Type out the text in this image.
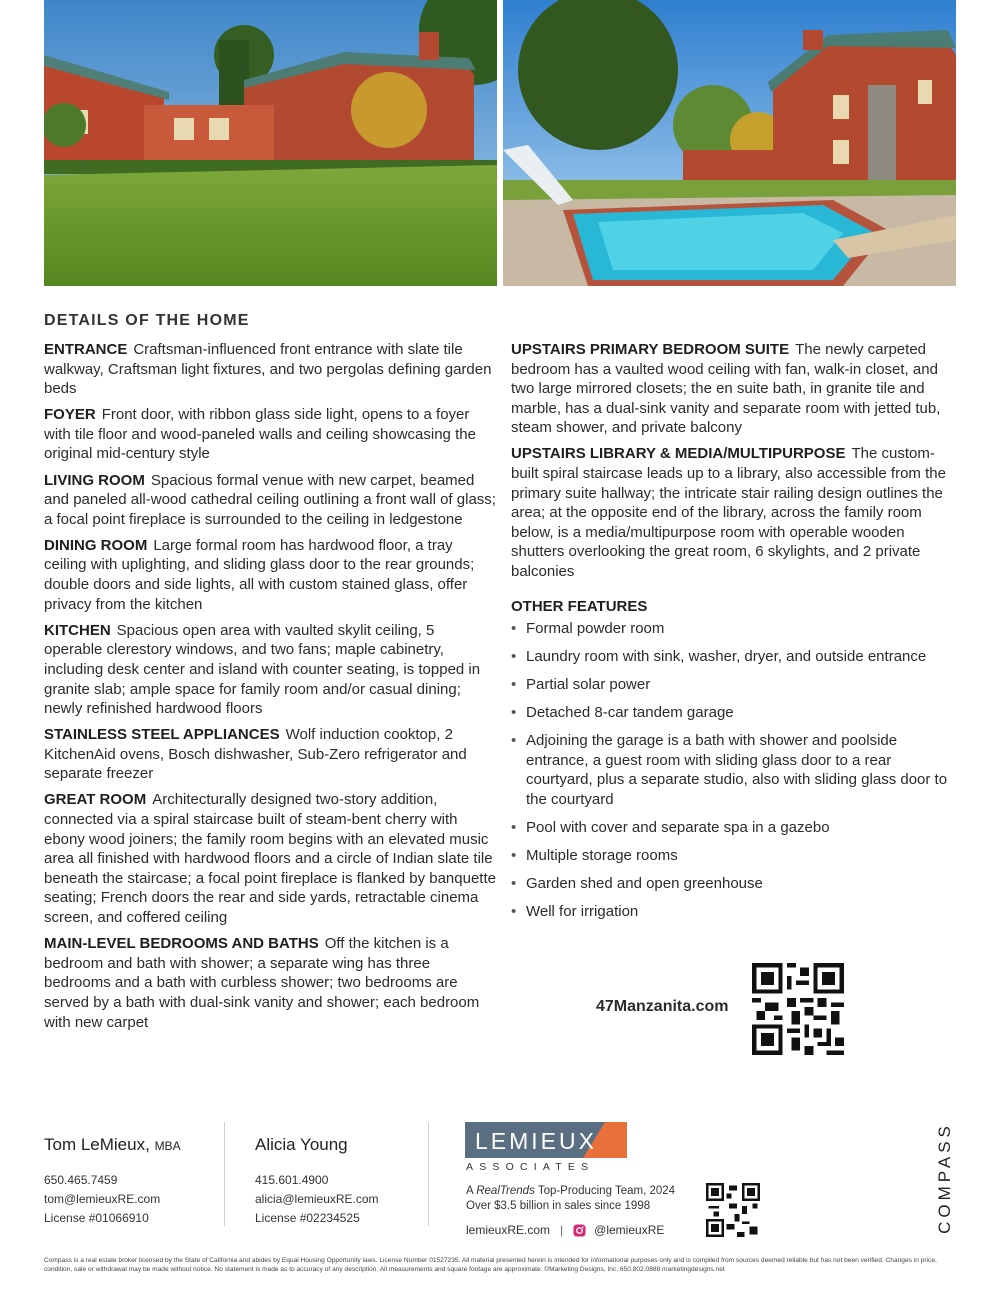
DETAILS OF THE HOME

ENTRANCE Craftsman-influenced front entrance with slate tile walkway, Craftsman light fixtures, and two pergolas defining garden beds

FOYER Front door, with ribbon glass side light, opens to a foyer with tile floor and wood-paneled walls and ceiling showcasing the original mid-century style

LIVING ROOM Spacious formal venue with new carpet, beamed and paneled all-wood cathedral ceiling outlining a front wall of glass; a focal point fireplace is surrounded to the ceiling in ledgestone

DINING ROOM Large formal room has hardwood floor, a tray ceiling with uplighting, and sliding glass door to the rear grounds; double doors and side lights, all with custom stained glass, offer privacy from the kitchen

KITCHEN Spacious open area with vaulted skylit ceiling, 5 operable clerestory windows, and two fans; maple cabinetry, including desk center and island with counter seating, is topped in granite slab; ample space for family room and/or casual dining; newly refinished hardwood floors

STAINLESS STEEL APPLIANCES Wolf induction cooktop, 2 KitchenAid ovens, Bosch dishwasher, Sub-Zero refrigerator and separate freezer

GREAT ROOM Architecturally designed two-story addition, connected via a spiral staircase built of steam-bent cherry with ebony wood joiners; the family room begins with an elevated music area all finished with hardwood floors and a circle of Indian slate tile beneath the staircase; a focal point fireplace is flanked by banquette seating; French doors the rear and side yards, retractable cinema screen, and coffered ceiling

MAIN-LEVEL BEDROOMS AND BATHS Off the kitchen is a bedroom and bath with shower; a separate wing has three bedrooms and a bath with curbless shower; two bedrooms are served by a bath with dual-sink vanity and shower; each bedroom with new carpet

UPSTAIRS PRIMARY BEDROOM SUITE The newly carpeted bedroom has a vaulted wood ceiling with fan, walk-in closet, and two large mirrored closets; the en suite bath, in granite tile and marble, has a dual-sink vanity and separate room with jetted tub, steam shower, and private balcony

UPSTAIRS LIBRARY & MEDIA/MULTIPURPOSE The custom-built spiral staircase leads up to a library, also accessible from the primary suite hallway; the intricate stair railing design outlines the area; at the opposite end of the library, across the family room below, is a media/multipurpose room with operable wooden shutters overlooking the great room, 6 skylights, and 2 private balconies

OTHER FEATURES
• Formal powder room
• Laundry room with sink, washer, dryer, and outside entrance
• Partial solar power
• Detached 8-car tandem garage
• Adjoining the garage is a bath with shower and poolside entrance, a guest room with sliding glass door to a rear courtyard, plus a separate studio, also with sliding glass door to the courtyard
• Pool with cover and separate spa in a gazebo
• Multiple storage rooms
• Garden shed and open greenhouse
• Well for irrigation
47Manzanita.com
Tom LeMieux, MBA
650.465.7459
tom@lemieuxRE.com
License #01066910
Alicia Young
415.601.4900
alicia@lemieuxRE.com
License #02234525
LEMIEUX
ASSOCIATES
A RealTrends Top-Producing Team, 2024
Over $3.5 billion in sales since 1998
lemieuxRE.com |	@lemieuxRE	COMPASS
Compass is a real estate broker licensed by the State of California and abides by Equal Housing Opportunity laws. License Number 01527235. All material presented herein is intended for informational purposes only and is compiled from sources deemed reliable but has not been verified. Changes in price, condition, sale or withdrawal may be made without notice. No statement is made as to accuracy of any description. All measurements and square footage are approximate. ©Marketing Designs, Inc. 650.802.0888 marketingdesigns.net
